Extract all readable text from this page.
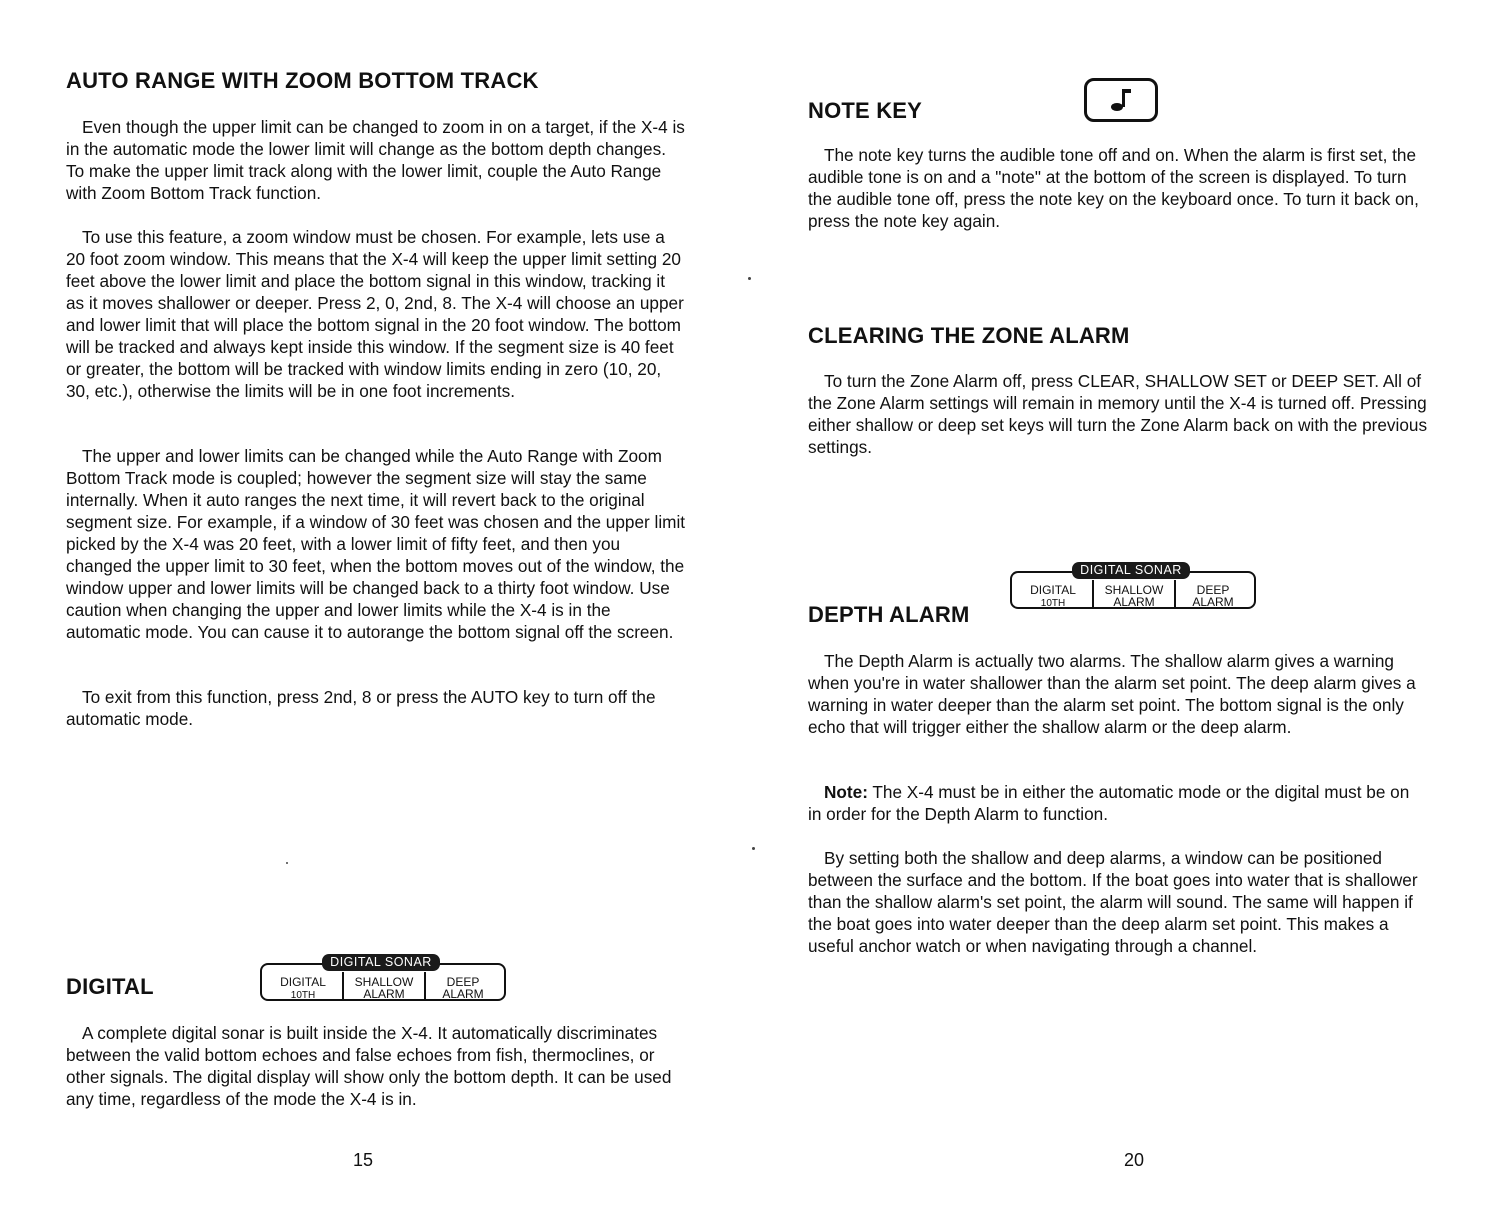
AUTO RANGE WITH ZOOM BOTTOM TRACK

Even though the upper limit can be changed to zoom in on a target, if the X-4 is in the automatic mode the lower limit will change as the bottom depth changes. To make the upper limit track along with the lower limit, couple the Auto Range with Zoom Bottom Track function.

To use this feature, a zoom window must be chosen. For example, lets use a 20 foot zoom window. This means that the X-4 will keep the upper limit setting 20 feet above the lower limit and place the bottom signal in this window, tracking it as it moves shallower or deeper. Press 2, 0, 2nd, 8. The X-4 will choose an upper and lower limit that will place the bottom signal in the 20 foot window. The bottom will be tracked and always kept inside this window. If the segment size is 40 feet or greater, the bottom will be tracked with window limits ending in zero (10, 20, 30, etc.), otherwise the limits will be in one foot increments.

The upper and lower limits can be changed while the Auto Range with Zoom Bottom Track mode is coupled; however the segment size will stay the same internally. When it auto ranges the next time, it will revert back to the original segment size. For example, if a window of 30 feet was chosen and the upper limit picked by the X-4 was 20 feet, with a lower limit of fifty feet, and then you changed the upper limit to 30 feet, when the bottom moves out of the window, the window upper and lower limits will be changed back to a thirty foot window. Use caution when changing the upper and lower limits while the X-4 is in the automatic mode. You can cause it to autorange the bottom signal off the screen.

To exit from this function, press 2nd, 8 or press the AUTO key to turn off the automatic mode.

DIGITAL
DIGITAL SONAR
DIGITAL
10TH
SHALLOW
ALARM
DEEP
ALARM

A complete digital sonar is built inside the X-4. It automatically discriminates between the valid bottom echoes and false echoes from fish, thermoclines, or other signals. The digital display will show only the bottom depth. It can be used any time, regardless of the mode the X-4 is in.

15
NOTE KEY

The note key turns the audible tone off and on. When the alarm is first set, the audible tone is on and a "note" at the bottom of the screen is displayed. To turn the audible tone off, press the note key on the keyboard once. To turn it back on, press the note key again.

CLEARING THE ZONE ALARM

To turn the Zone Alarm off, press CLEAR, SHALLOW SET or DEEP SET. All of the Zone Alarm settings will remain in memory until the X-4 is turned off. Pressing either shallow or deep set keys will turn the Zone Alarm back on with the previous settings.

DEPTH ALARM
DIGITAL SONAR
DIGITAL
10TH
SHALLOW
ALARM
DEEP
ALARM

The Depth Alarm is actually two alarms. The shallow alarm gives a warning when you're in water shallower than the alarm set point. The deep alarm gives a warning in water deeper than the alarm set point. The bottom signal is the only echo that will trigger either the shallow alarm or the deep alarm.

Note: The X-4 must be in either the automatic mode or the digital must be on in order for the Depth Alarm to function.

By setting both the shallow and deep alarms, a window can be positioned between the surface and the bottom. If the boat goes into water that is shallower than the shallow alarm's set point, the alarm will sound. The same will happen if the boat goes into water deeper than the deep alarm set point. This makes a useful anchor watch or when navigating through a channel.

20
